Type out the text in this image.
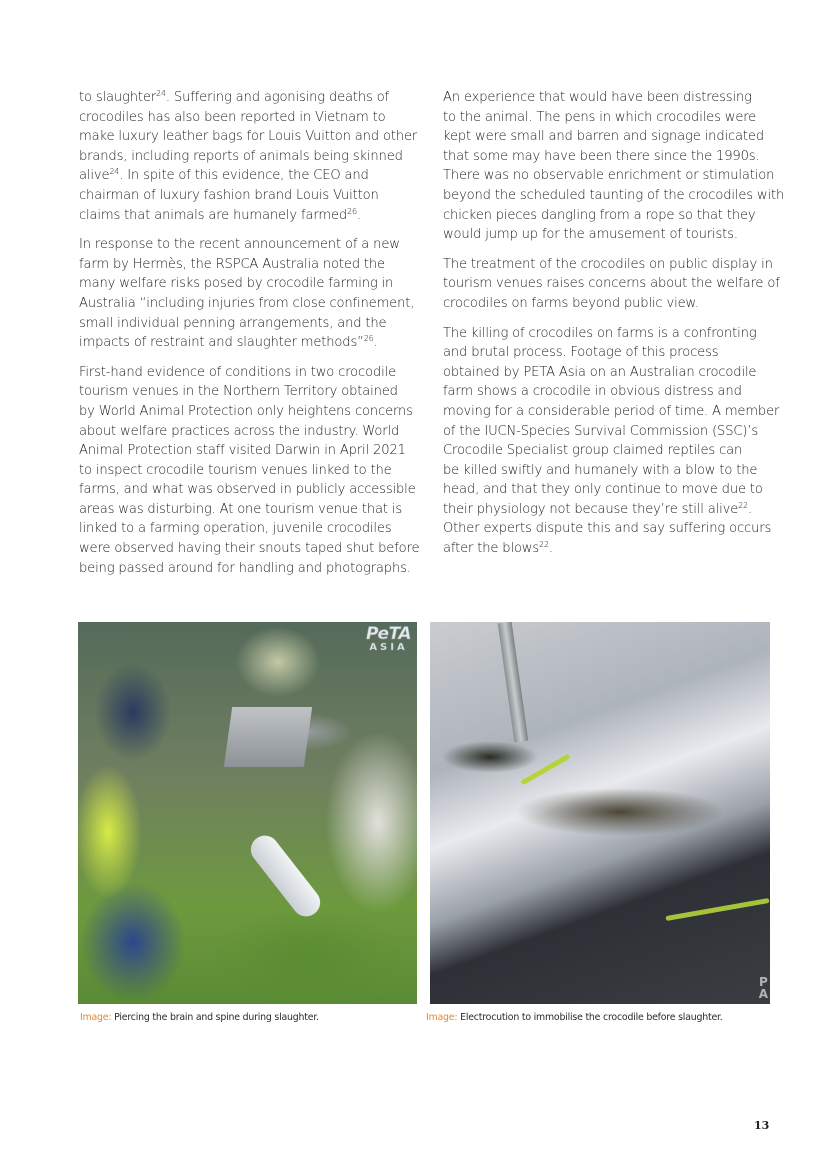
to slaughter$^{24}$. Suffering and agonising deaths of
crocodiles has also been reported in Vietnam to
make luxury leather bags for Louis Vuitton and other
brands, including reports of animals being skinned
alive$^{24}$. In spite of this evidence, the CEO and
chairman of luxury fashion brand Louis Vuitton
claims that animals are humanely farmed$^{26}$.

In response to the recent announcement of a new
farm by Hermès, the RSPCA Australia noted the
many welfare risks posed by crocodile farming in
Australia “including injuries from close confinement,
small individual penning arrangements, and the
impacts of restraint and slaughter methods”$^{26}$.

First-hand evidence of conditions in two crocodile
tourism venues in the Northern Territory obtained
by World Animal Protection only heightens concerns
about welfare practices across the industry. World
Animal Protection staff visited Darwin in April 2021
to inspect crocodile tourism venues linked to the
farms, and what was observed in publicly accessible
areas was disturbing. At one tourism venue that is
linked to a farming operation, juvenile crocodiles
were observed having their snouts taped shut before
being passed around for handling and photographs.

An experience that would have been distressing
to the animal. The pens in which crocodiles were
kept were small and barren and signage indicated
that some may have been there since the 1990s.
There was no observable enrichment or stimulation
beyond the scheduled taunting of the crocodiles with
chicken pieces dangling from a rope so that they
would jump up for the amusement of tourists.

The treatment of the crocodiles on public display in
tourism venues raises concerns about the welfare of
crocodiles on farms beyond public view.

The killing of crocodiles on farms is a confronting
and brutal process. Footage of this process
obtained by PETA Asia on an Australian crocodile
farm shows a crocodile in obvious distress and
moving for a considerable period of time. A member
of the IUCN-Species Survival Commission (SSC)’s
Crocodile Specialist group claimed reptiles can
be killed swiftly and humanely with a blow to the
head, and that they only continue to move due to
their physiology not because they’re still alive$^{22}$.
Other experts dispute this and say suffering occurs
after the blows$^{22}$.

PeTA
ASIA
P
A
Image: Piercing the brain and spine during slaughter.	Image: Electrocution to immobilise the crocodile before slaughter.
13
